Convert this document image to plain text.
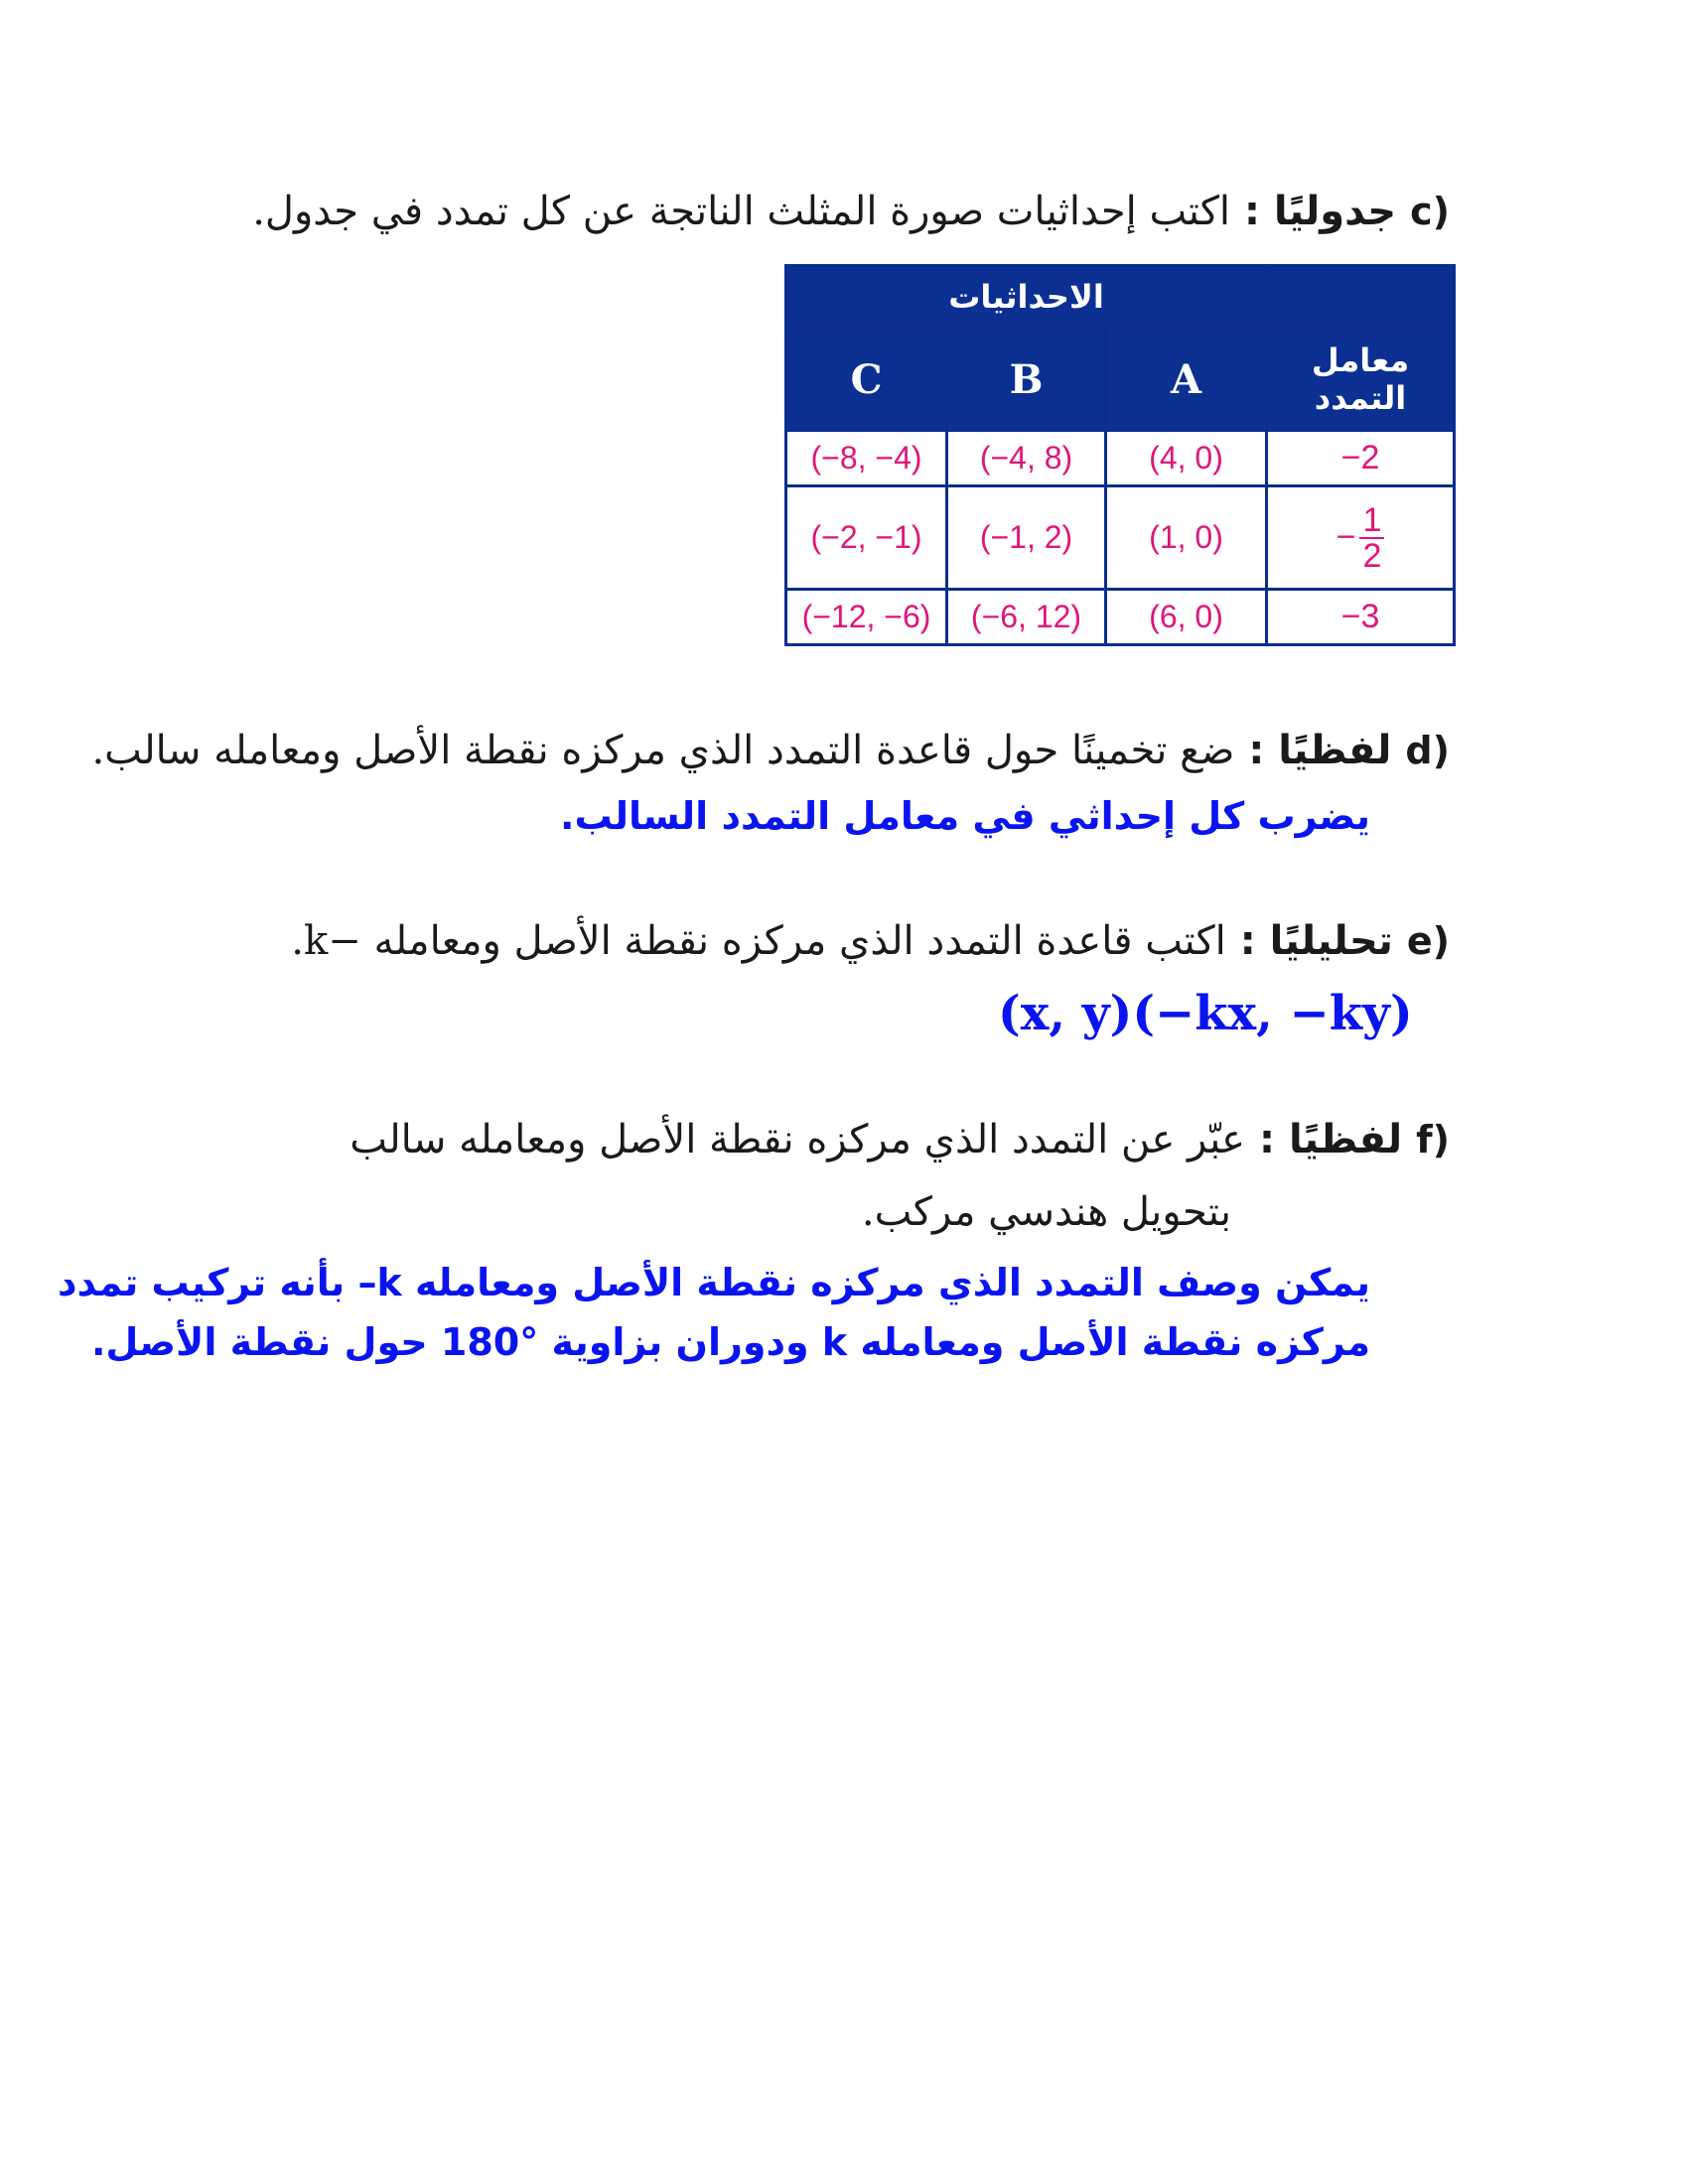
c)
جدوليًا :
اكتب إحداثيات صورة المثلث الناتجة عن كل تمدد في جدول.
الاحداثيات			
C	B	A	معامل
التمدد

(−8, −4)	(−4, 8)	(4, 0)	−2
(−2, −1)	(−1, 2)	(1, 0)	− $\frac{1}{2}$

(−12, −6)	(−6, 12)	(6, 0)	−3
d)
لفظيًا :
ضع تخمينًا حول قاعدة التمدد الذي مركزه نقطة الأصل ومعامله سالب.
يضرب كل إحداثي في معامل التمدد السالب.
e)
تحليليًا :
اكتب قاعدة التمدد الذي مركزه نقطة الأصل ومعامله −k.
(x, y)(−kx, −ky)
f)
لفظيًا :
عبّر عن التمدد الذي مركزه نقطة الأصل ومعامله سالب
بتحويل هندسي مركب.
يمكن وصف التمدد الذي مركزه نقطة الأصل ومعامله k– بأنه تركيب تمدد
مركزه نقطة الأصل ومعامله k ودوران بزاوية °180 حول نقطة الأصل.
